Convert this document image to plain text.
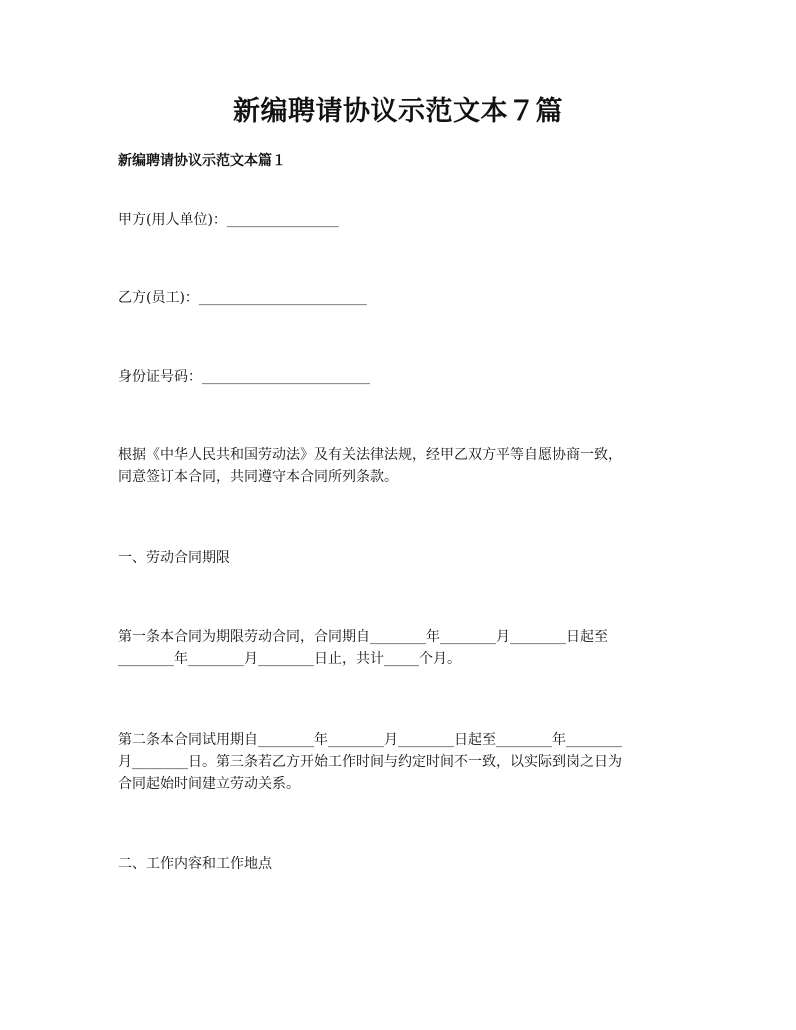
新编聘请协议示范文本７篇
新编聘请协议示范文本篇１
甲方(用人单位)：________________
乙方(员工)：________________________
身份证号码：________________________
根据《中华人民共和国劳动法》及有关法律法规，经甲乙双方平等自愿协商一致，
同意签订本合同，共同遵守本合同所列条款。
一、劳动合同期限
第一条本合同为期限劳动合同，合同期自________年________月________日起至
________年________月________日止，共计_____个月。
第二条本合同试用期自________年________月________日起至________年________
月________日。第三条若乙方开始工作时间与约定时间不一致，以实际到岗之日为
合同起始时间建立劳动关系。
二、工作内容和工作地点
